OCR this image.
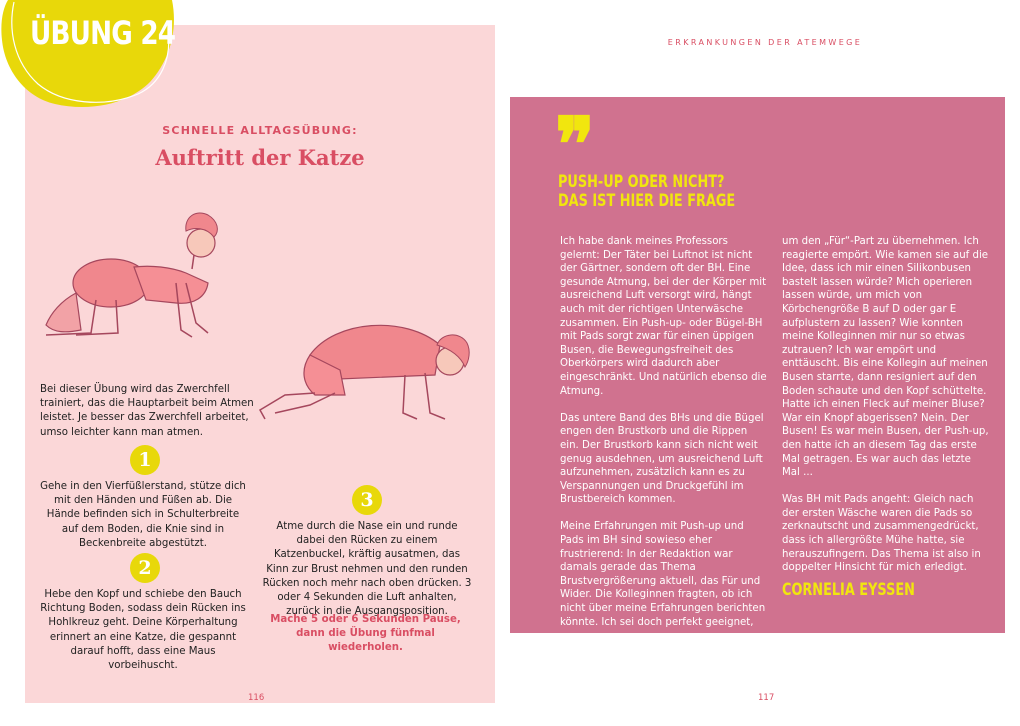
ÜBUNG 24
SCHNELLE ALLTAGSÜBUNG:
Auftritt der Katze
Bei dieser Übung wird das Zwerchfell trainiert, das die Hauptarbeit beim Atmen leistet. Je besser das Zwerchfell arbeitet, umso leichter kann man atmen.
1
Gehe in den Vierfüßlerstand, stütze dich mit den Händen und Füßen ab. Die Hände befinden sich in Schulterbreite auf dem Boden, die Knie sind in Beckenbreite abgestützt.
2
Hebe den Kopf und schiebe den Bauch Richtung Boden, sodass dein Rücken ins Hohlkreuz geht. Deine Körperhaltung erinnert an eine Katze, die gespannt darauf hofft, dass eine Maus vorbeihuscht.
3
Atme durch die Nase ein und runde dabei den Rücken zu einem Katzenbuckel, kräftig ausatmen, das Kinn zur Brust nehmen und den runden Rücken noch mehr nach oben drücken. 3 oder 4 Sekunden die Luft anhalten, zurück in die Ausgangsposition.
Mache 5 oder 6 Sekunden Pause, dann die Übung fünfmal wiederholen.
116
ERKRANKUNGEN DER ATEMWEGE
❞
PUSH-UP ODER NICHT?
DAS IST HIER DIE FRAGE

Ich habe dank meines Professors gelernt: Der Täter bei Luftnot ist nicht der Gärtner, sondern oft der BH. Eine gesunde Atmung, bei der der Körper mit ausreichend Luft versorgt wird, hängt auch mit der richtigen Unterwäsche zusammen. Ein Push-up- oder Bügel-BH mit Pads sorgt zwar für einen üppigen Busen, die Bewegungsfreiheit des Oberkörpers wird dadurch aber eingeschränkt. Und natürlich ebenso die Atmung.

Das untere Band des BHs und die Bügel engen den Brustkorb und die Rippen ein. Der Brustkorb kann sich nicht weit genug ausdehnen, um ausreichend Luft aufzunehmen, zusätzlich kann es zu Verspannungen und Druckgefühl im Brustbereich kommen.

Meine Erfahrungen mit Push-up und Pads im BH sind sowieso eher frustrierend: In der Redaktion war damals gerade das Thema Brustvergrößerung aktuell, das Für und Wider. Die Kolleginnen fragten, ob ich nicht über meine Erfahrungen berichten könnte. Ich sei doch perfekt geeignet,

um den „Für“-Part zu übernehmen. Ich reagierte empört. Wie kamen sie auf die Idee, dass ich mir einen Silikonbusen bastelt lassen würde? Mich operieren lassen würde, um mich von Körbchengröße B auf D oder gar E aufplustern zu lassen? Wie konnten meine Kolleginnen mir nur so etwas zutrauen? Ich war empört und enttäuscht. Bis eine Kollegin auf meinen Busen starrte, dann resigniert auf den Boden schaute und den Kopf schüttelte. Hatte ich einen Fleck auf meiner Bluse? War ein Knopf abgerissen? Nein. Der Busen! Es war mein Busen, der Push-up, den hatte ich an diesem Tag das erste Mal getragen. Es war auch das letzte Mal ...

Was BH mit Pads angeht: Gleich nach der ersten Wäsche waren die Pads so zerknautscht und zusammengedrückt, dass ich allergrößte Mühe hatte, sie herauszufingern. Das Thema ist also in doppelter Hinsicht für mich erledigt.

CORNELIA EYSSEN
117
